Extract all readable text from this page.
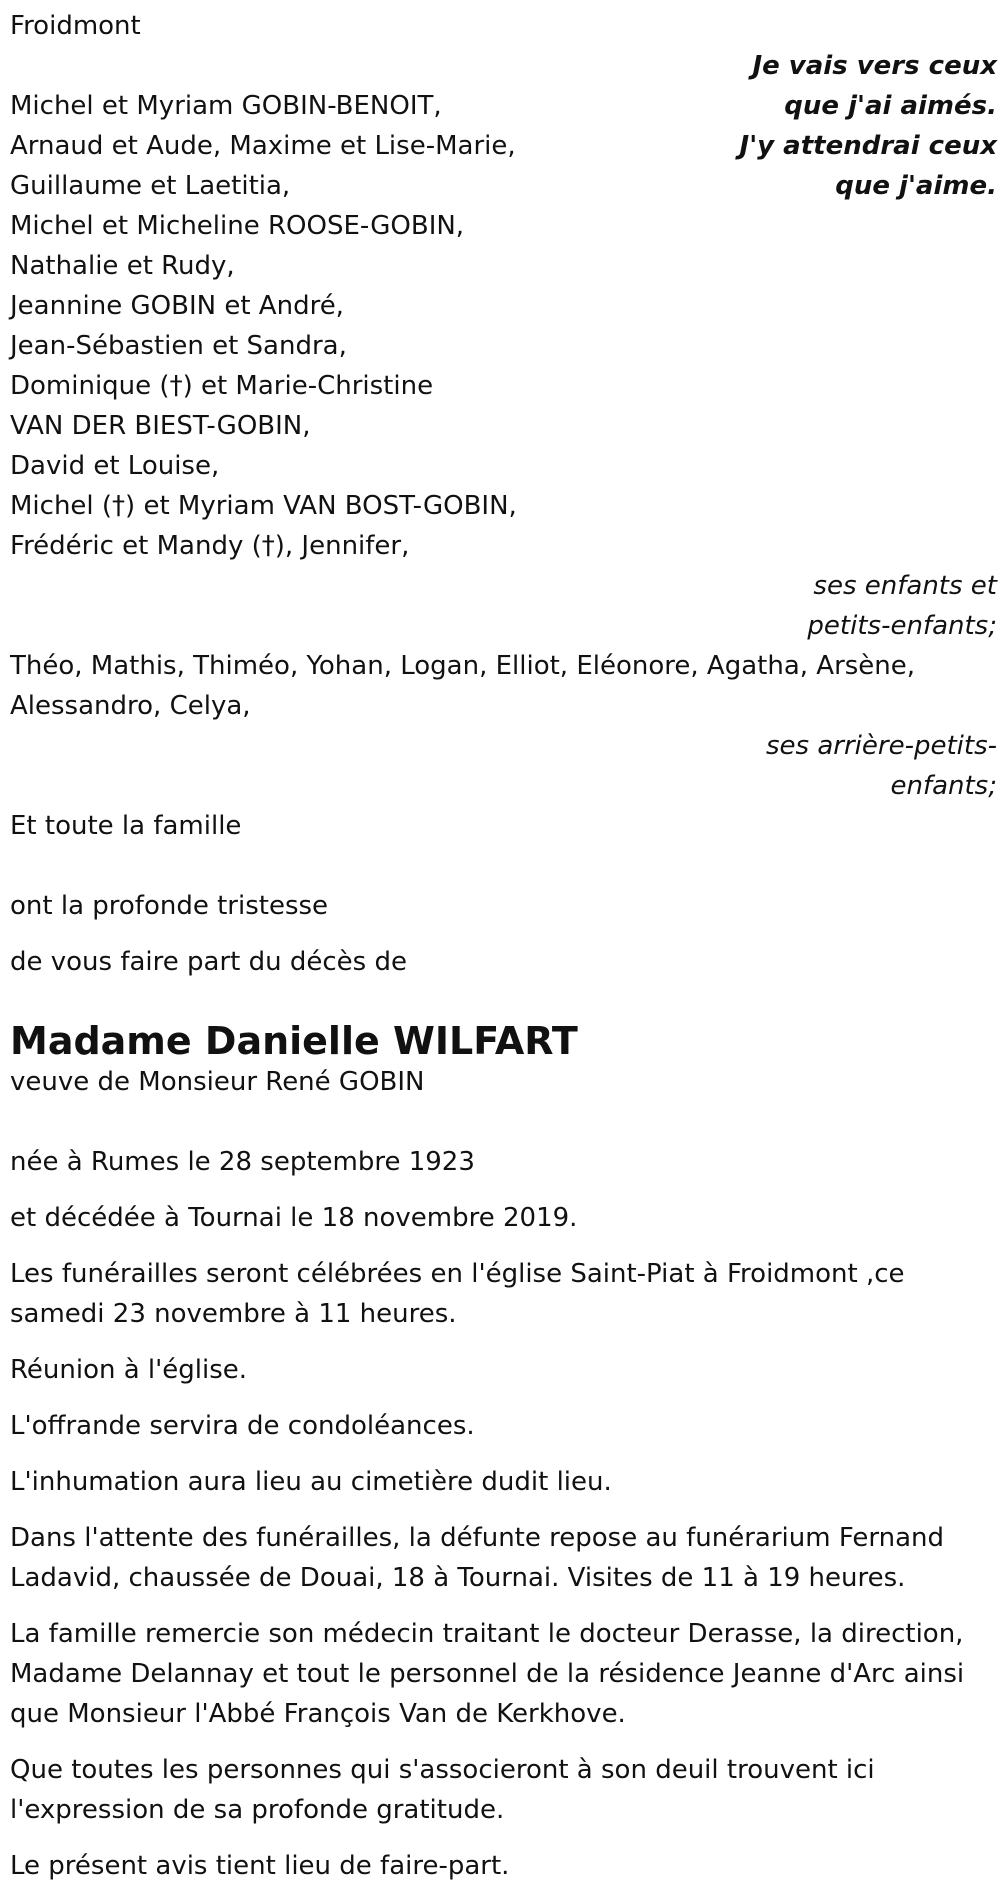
Froidmont

Je vais vers ceux

que j'ai aimés.

J'y attendrai ceux

que j'aime.

Michel et Myriam GOBIN-BENOIT,

Arnaud et Aude, Maxime et Lise-Marie,

Guillaume et Laetitia,

Michel et Micheline ROOSE-GOBIN,

Nathalie et Rudy,

Jeannine GOBIN et André,

Jean-Sébastien et Sandra,

Dominique (†) et Marie-Christine

VAN DER BIEST-GOBIN,

David et Louise,

Michel (†) et Myriam VAN BOST-GOBIN,

Frédéric et Mandy (†), Jennifer,

ses enfants et

petits-enfants;

Théo, Mathis, Thiméo, Yohan, Logan, Elliot, Eléonore, Agatha, Arsène,

Alessandro, Celya,

ses arrière-petits-

enfants;

Et toute la famille

ont la profonde tristesse

de vous faire part du décès de

Madame Danielle WILFART

veuve de Monsieur René GOBIN

née à Rumes le 28 septembre 1923

et décédée à Tournai le 18 novembre 2019.

Les funérailles seront célébrées en l'église Saint-Piat à Froidmont ,ce samedi 23 novembre à 11 heures.

Réunion à l'église.

L'offrande servira de condoléances.

L'inhumation aura lieu au cimetière dudit lieu.

Dans l'attente des funérailles, la défunte repose au funérarium Fernand Ladavid, chaussée de Douai, 18 à Tournai. Visites de 11 à 19 heures.

La famille remercie son médecin traitant le docteur Derasse, la direction, Madame Delannay et tout le personnel de la résidence Jeanne d'Arc ainsi que Monsieur l'Abbé François Van de Kerkhove.

Que toutes les personnes qui s'associeront à son deuil trouvent ici l'expression de sa profonde gratitude.

Le présent avis tient lieu de faire-part.
